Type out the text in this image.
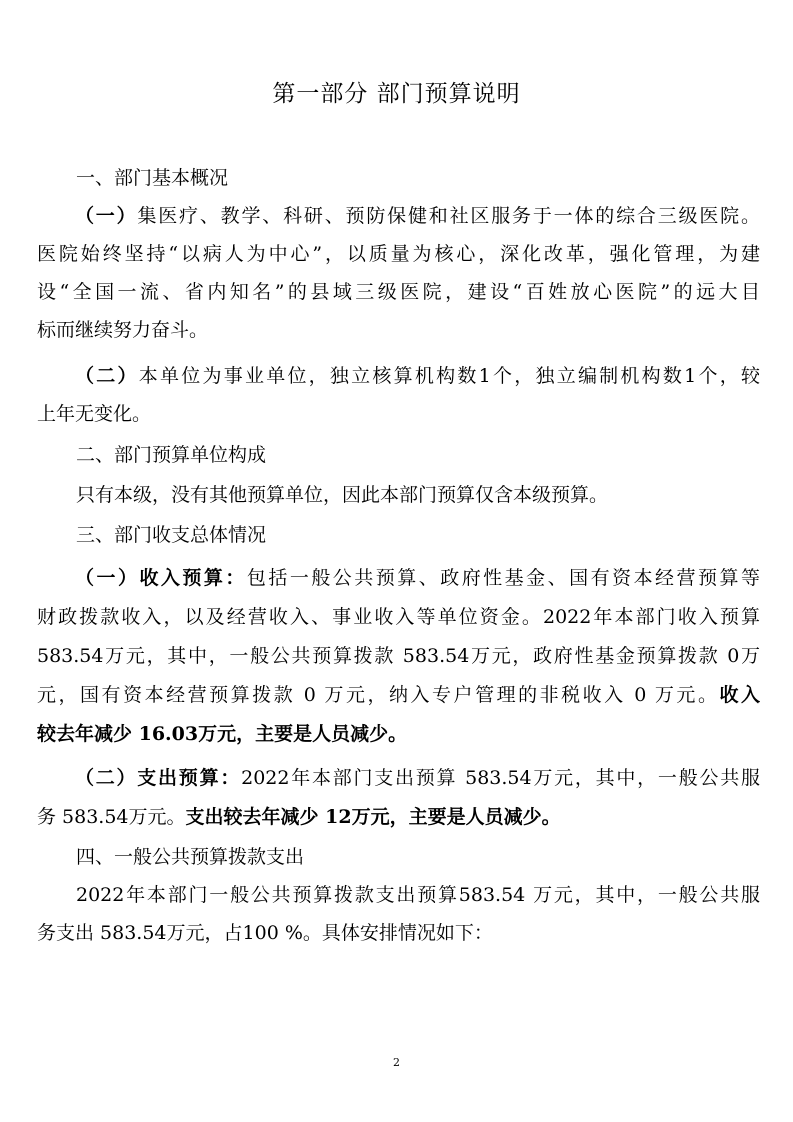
第一部分 部门预算说明
一、部门基本概况
（一）集医疗、教学、科研、预防保健和社区服务于一体的综合三级医院。
医院始终坚持“以病人为中心”，以质量为核心，深化改革，强化管理，为建
设“全国一流、省内知名”的县域三级医院，建设“百姓放心医院”的远大目
标而继续努力奋斗。
（二）本单位为事业单位，独立核算机构数1个，独立编制机构数1个，较
上年无变化。
二、部门预算单位构成
只有本级，没有其他预算单位，因此本部门预算仅含本级预算。
三、部门收支总体情况
（一）收入预算：包括一般公共预算、政府性基金、国有资本经营预算等
财政拨款收入，以及经营收入、事业收入等单位资金。2022年本部门收入预算
583.54万元，其中，一般公共预算拨款 583.54万元，政府性基金预算拨款 0万
元，国有资本经营预算拨款 0 万元，纳入专户管理的非税收入 0 万元。收入
较去年减少 16.03万元，主要是人员减少。
（二）支出预算：2022年本部门支出预算 583.54万元，其中，一般公共服
务 583.54万元。支出较去年减少 12万元，主要是人员减少。
四、一般公共预算拨款支出
2022年本部门一般公共预算拨款支出预算583.54 万元，其中，一般公共服
务支出 583.54万元，占100 %。具体安排情况如下：
2
